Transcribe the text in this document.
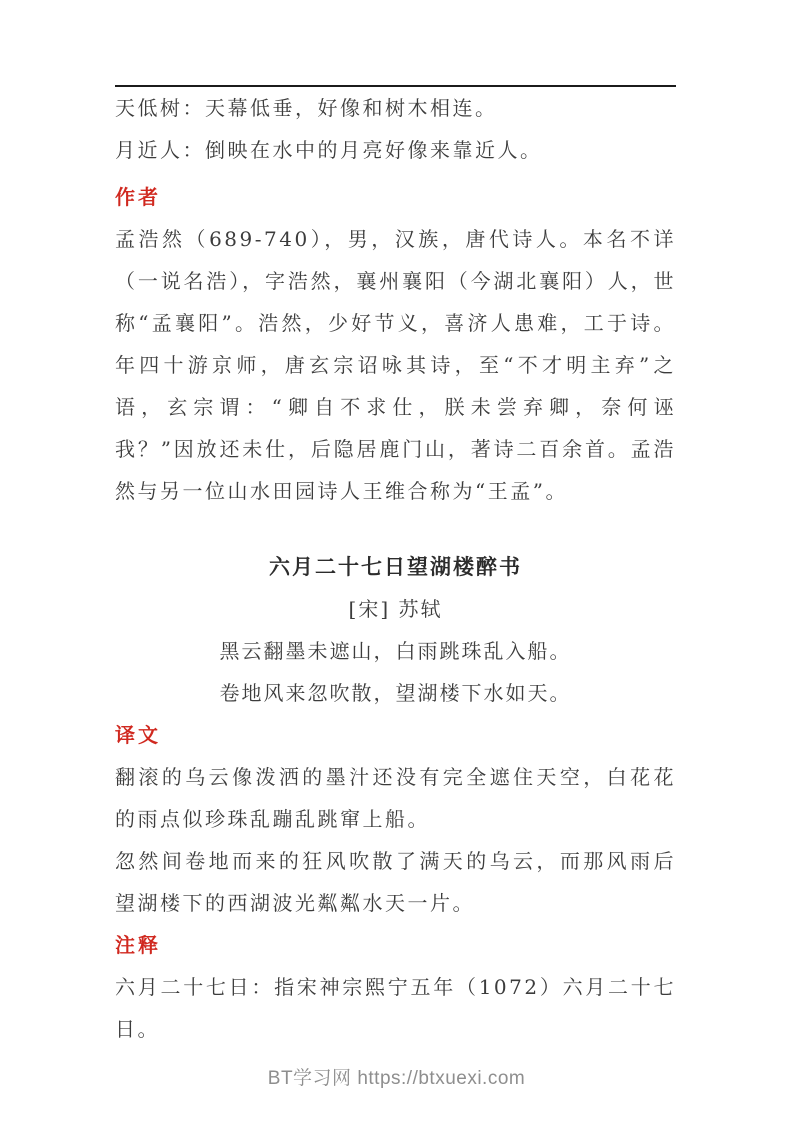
天低树：天幕低垂，好像和树木相连。

月近人：倒映在水中的月亮好像来靠近人。

作者

孟浩然（689-740），男，汉族，唐代诗人。本名不详（一说名浩），字浩然，襄州襄阳（今湖北襄阳）人，世称“孟襄阳”。浩然，少好节义，喜济人患难，工于诗。年四十游京师，唐玄宗诏咏其诗，至“不才明主弃”之语，玄宗谓：“卿自不求仕，朕未尝弃卿，奈何诬我？”因放还未仕，后隐居鹿门山，著诗二百余首。孟浩然与另一位山水田园诗人王维合称为“王孟”。

六月二十七日望湖楼醉书

[宋] 苏轼

黑云翻墨未遮山，白雨跳珠乱入船。

卷地风来忽吹散，望湖楼下水如天。

译文

翻滚的乌云像泼洒的墨汁还没有完全遮住天空，白花花的雨点似珍珠乱蹦乱跳窜上船。

忽然间卷地而来的狂风吹散了满天的乌云，而那风雨后望湖楼下的西湖波光粼粼水天一片。

注释

六月二十七日：指宋神宗熙宁五年（1072）六月二十七日。

BT学习网 https://btxuexi.com
